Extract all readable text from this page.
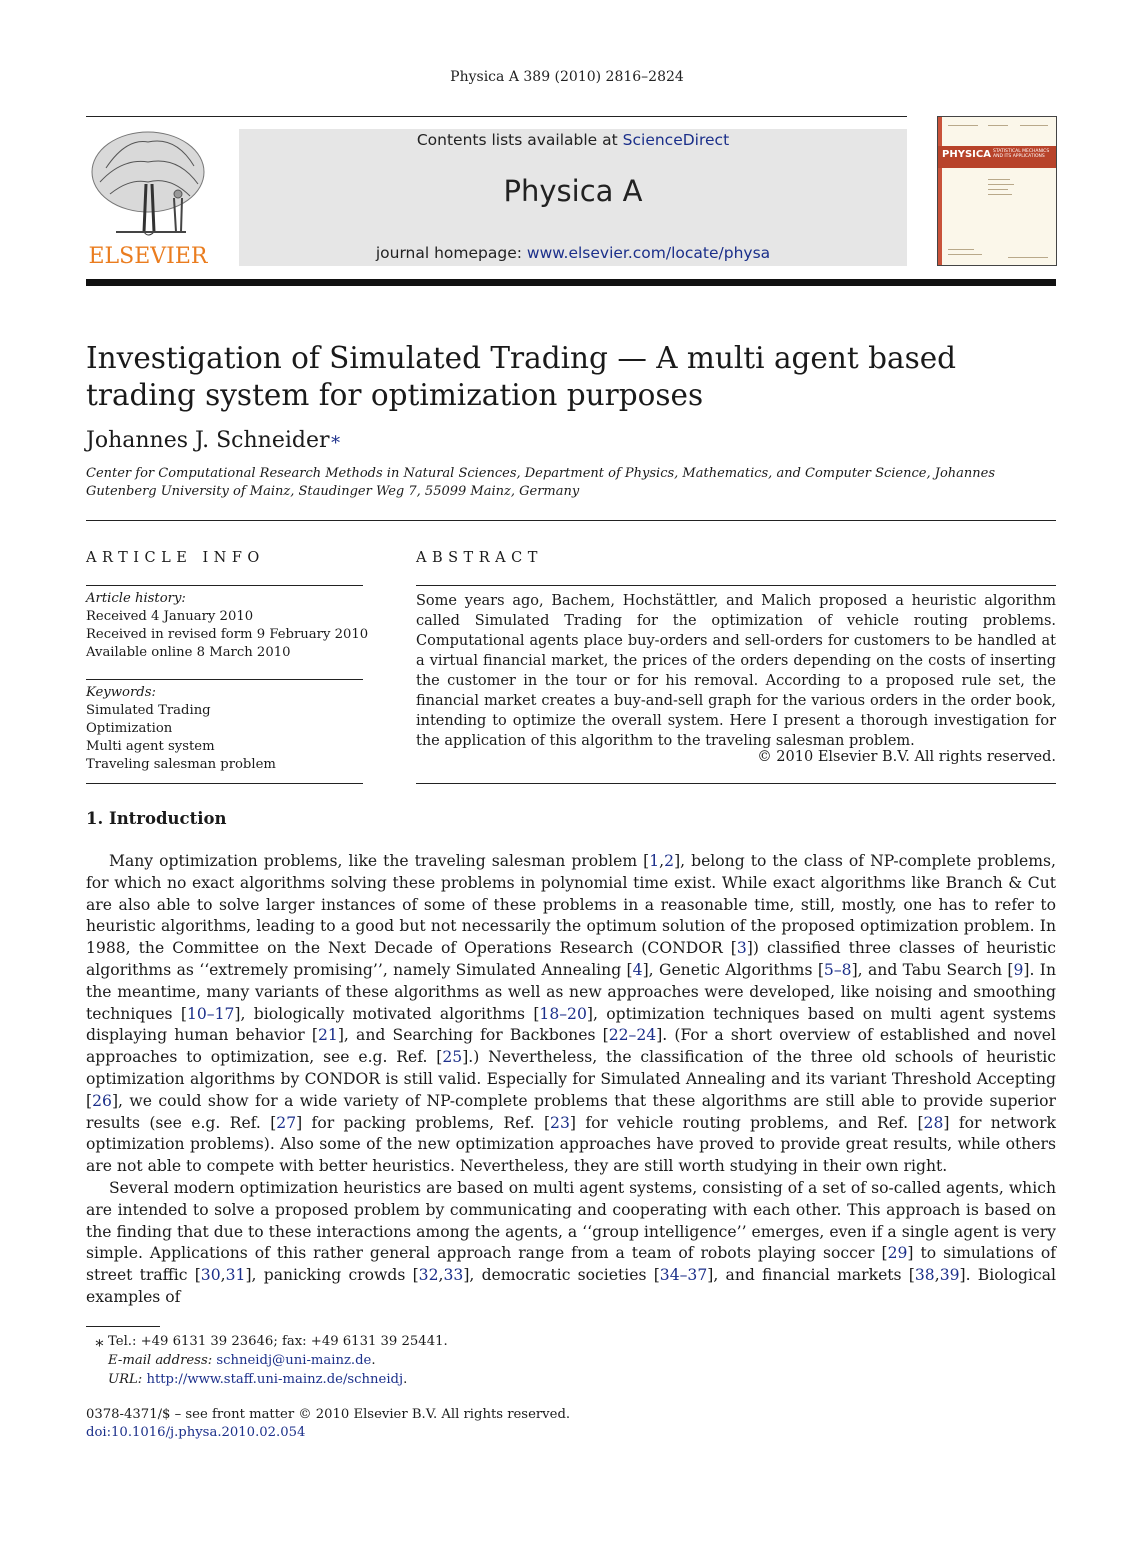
Physica A 389 (2010) 2816–2824
ELSEVIER
Contents lists available at ScienceDirect
Physica A
journal homepage: www.elsevier.com/locate/physa
PHYSICA STATISTICAL MECHANICS AND ITS APPLICATIONS
Investigation of Simulated Trading — A multi agent based trading system for optimization purposes
Johannes J. Schneider∗
Center for Computational Research Methods in Natural Sciences, Department of Physics, Mathematics, and Computer Science, Johannes Gutenberg University of Mainz, Staudinger Weg 7, 55099 Mainz, Germany
ARTICLE INFO
Article history:
Received 4 January 2010
Received in revised form 9 February 2010
Available online 8 March 2010
Keywords:
Simulated Trading
Optimization
Multi agent system
Traveling salesman problem
ABSTRACT
Some years ago, Bachem, Hochstättler, and Malich proposed a heuristic algorithm called Simulated Trading for the optimization of vehicle routing problems. Computational agents place buy-orders and sell-orders for customers to be handled at a virtual financial market, the prices of the orders depending on the costs of inserting the customer in the tour or for his removal. According to a proposed rule set, the financial market creates a buy-and-sell graph for the various orders in the order book, intending to optimize the overall system. Here I present a thorough investigation for the application of this algorithm to the traveling salesman problem.
© 2010 Elsevier B.V. All rights reserved.
1. Introduction

Many optimization problems, like the traveling salesman problem [1,2], belong to the class of NP-complete problems, for which no exact algorithms solving these problems in polynomial time exist. While exact algorithms like Branch & Cut are also able to solve larger instances of some of these problems in a reasonable time, still, mostly, one has to refer to heuristic algorithms, leading to a good but not necessarily the optimum solution of the proposed optimization problem. In 1988, the Committee on the Next Decade of Operations Research (CONDOR [3]) classified three classes of heuristic algorithms as ‘‘extremely promising’’, namely Simulated Annealing [4], Genetic Algorithms [5–8], and Tabu Search [9]. In the meantime, many variants of these algorithms as well as new approaches were developed, like noising and smoothing techniques [10–17], biologically motivated algorithms [18–20], optimization techniques based on multi agent systems displaying human behavior [21], and Searching for Backbones [22–24]. (For a short overview of established and novel approaches to optimization, see e.g. Ref. [25].) Nevertheless, the classification of the three old schools of heuristic optimization algorithms by CONDOR is still valid. Especially for Simulated Annealing and its variant Threshold Accepting [26], we could show for a wide variety of NP-complete problems that these algorithms are still able to provide superior results (see e.g. Ref. [27] for packing problems, Ref. [23] for vehicle routing problems, and Ref. [28] for network optimization problems). Also some of the new optimization approaches have proved to provide great results, while others are not able to compete with better heuristics. Nevertheless, they are still worth studying in their own right.

Several modern optimization heuristics are based on multi agent systems, consisting of a set of so-called agents, which are intended to solve a proposed problem by communicating and cooperating with each other. This approach is based on the finding that due to these interactions among the agents, a ‘‘group intelligence’’ emerges, even if a single agent is very simple. Applications of this rather general approach range from a team of robots playing soccer [29] to simulations of street traffic [30,31], panicking crowds [32,33], democratic societies [34–37], and financial markets [38,39]. Biological examples of

∗ Tel.: +49 6131 39 23646; fax: +49 6131 39 25441.
E-mail address: schneidj@uni-mainz.de.
URL: http://www.staff.uni-mainz.de/schneidj.
0378-4371/$ – see front matter © 2010 Elsevier B.V. All rights reserved.
doi:10.1016/j.physa.2010.02.054
